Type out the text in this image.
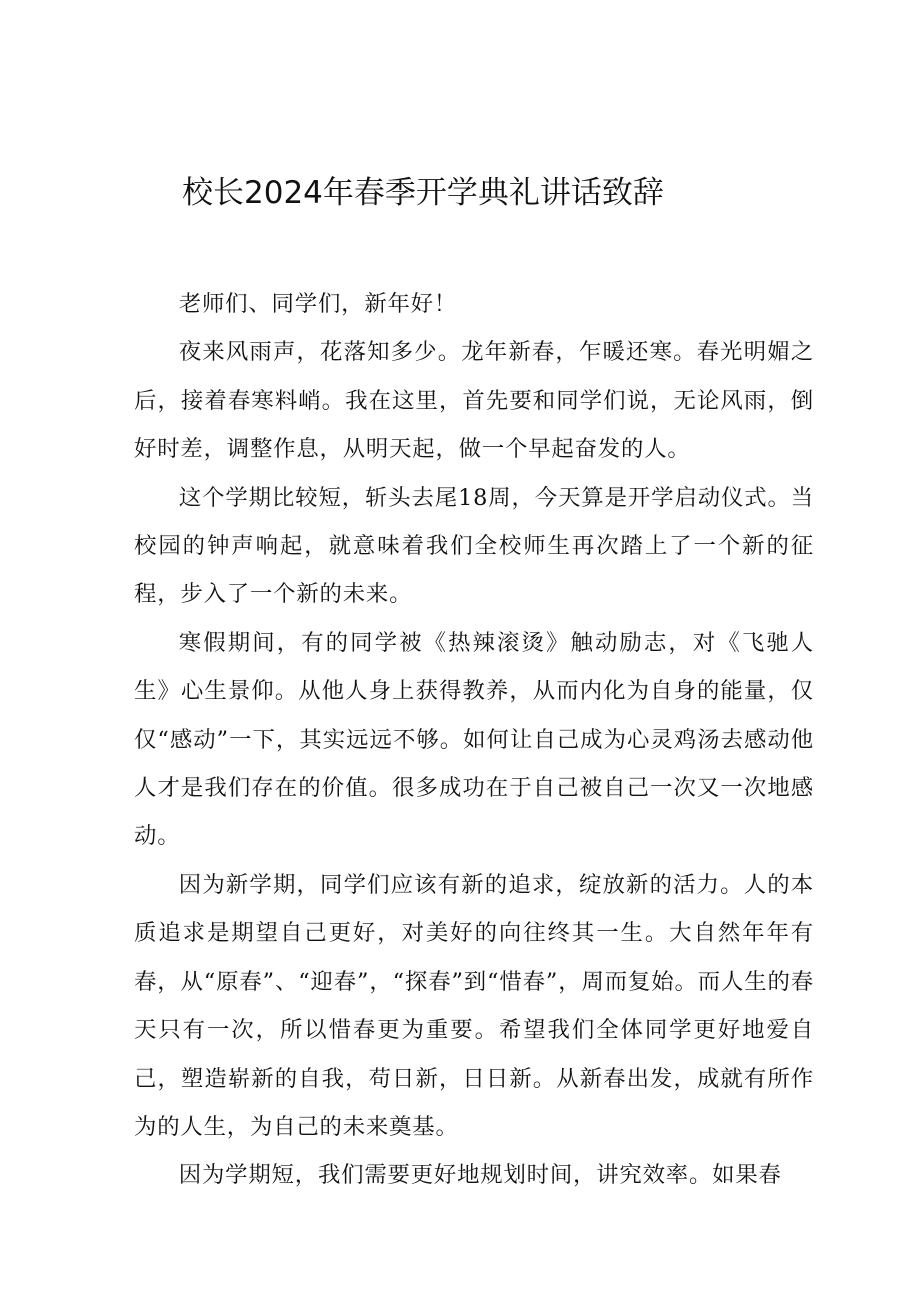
校长2024年春季开学典礼讲话致辞

老师们、同学们，新年好！

夜来风雨声，花落知多少。龙年新春，乍暖还寒。春光明媚之后，接着春寒料峭。我在这里，首先要和同学们说，无论风雨，倒好时差，调整作息，从明天起，做一个早起奋发的人。

这个学期比较短，斩头去尾18周，今天算是开学启动仪式。当校园的钟声响起，就意味着我们全校师生再次踏上了一个新的征程，步入了一个新的未来。

寒假期间，有的同学被《热辣滚烫》触动励志，对《飞驰人生》心生景仰。从他人身上获得教养，从而内化为自身的能量，仅仅“感动”一下，其实远远不够。如何让自己成为心灵鸡汤去感动他人才是我们存在的价值。很多成功在于自己被自己一次又一次地感动。

因为新学期，同学们应该有新的追求，绽放新的活力。人的本质追求是期望自己更好，对美好的向往终其一生。大自然年年有春，从“原春”、“迎春”，“探春”到“惜春”，周而复始。而人生的春天只有一次，所以惜春更为重要。希望我们全体同学更好地爱自己，塑造崭新的自我，苟日新，日日新。从新春出发，成就有所作为的人生，为自己的未来奠基。

因为学期短，我们需要更好地规划时间，讲究效率。如果春
